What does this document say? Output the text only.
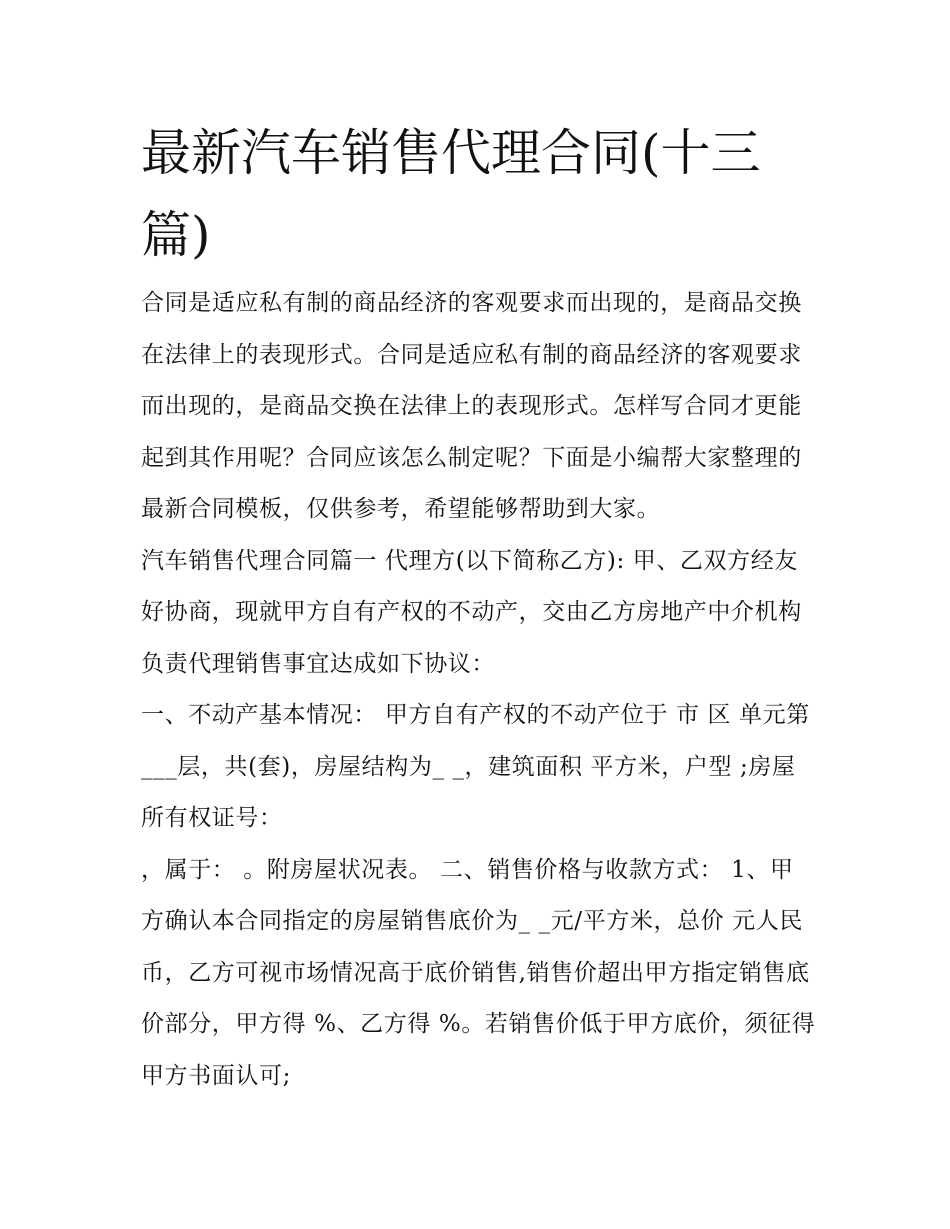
最新汽车销售代理合同(十三篇)

合同是适应私有制的商品经济的客观要求而出现的，是商品交换在法律上的表现形式。合同是适应私有制的商品经济的客观要求而出现的，是商品交换在法律上的表现形式。怎样写合同才更能起到其作用呢？合同应该怎么制定呢？下面是小编帮大家整理的最新合同模板，仅供参考，希望能够帮助到大家。

汽车销售代理合同篇一 代理方(以下简称乙方): 甲、乙双方经友好协商，现就甲方自有产权的不动产，交由乙方房地产中介机构负责代理销售事宜达成如下协议：

一、不动产基本情况： 甲方自有产权的不动产位于 市 区 单元第___层，共(套)，房屋结构为_ _，建筑面积 平方米，户型 ;房屋所有权证号：

，属于： 。附房屋状况表。 二、销售价格与收款方式： 1、甲方确认本合同指定的房屋销售底价为_ _元/平方米，总价 元人民币，乙方可视市场情况高于底价销售,销售价超出甲方指定销售底价部分，甲方得 %、乙方得 %。若销售价低于甲方底价，须征得甲方书面认可;
